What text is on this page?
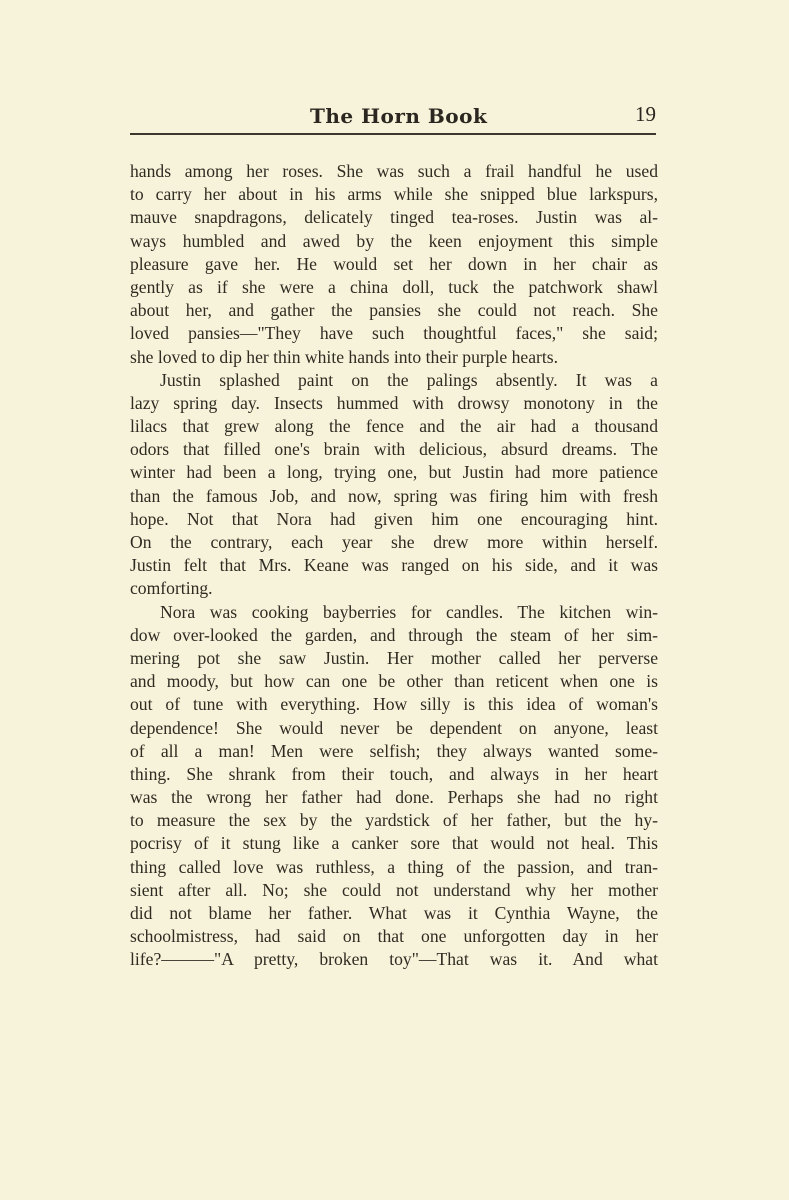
The Horn Book	19
hands among her roses. She was such a frail handful he used
to carry her about in his arms while she snipped blue larkspurs,
mauve snapdragons, delicately tinged tea-roses. Justin was al-
ways humbled and awed by the keen enjoyment this simple
pleasure gave her. He would set her down in her chair as
gently as if she were a china doll, tuck the patchwork shawl
about her, and gather the pansies she could not reach. She
loved pansies—"They have such thoughtful faces," she said;
she loved to dip her thin white hands into their purple hearts.
Justin splashed paint on the palings absently. It was a
lazy spring day. Insects hummed with drowsy monotony in the
lilacs that grew along the fence and the air had a thousand
odors that filled one's brain with delicious, absurd dreams. The
winter had been a long, trying one, but Justin had more patience
than the famous Job, and now, spring was firing him with fresh
hope. Not that Nora had given him one encouraging hint.
On the contrary, each year she drew more within herself.
Justin felt that Mrs. Keane was ranged on his side, and it was
comforting.
Nora was cooking bayberries for candles. The kitchen win-
dow over-looked the garden, and through the steam of her sim-
mering pot she saw Justin. Her mother called her perverse
and moody, but how can one be other than reticent when one is
out of tune with everything. How silly is this idea of woman's
dependence! She would never be dependent on anyone, least
of all a man! Men were selfish; they always wanted some-
thing. She shrank from their touch, and always in her heart
was the wrong her father had done. Perhaps she had no right
to measure the sex by the yardstick of her father, but the hy-
pocrisy of it stung like a canker sore that would not heal. This
thing called love was ruthless, a thing of the passion, and tran-
sient after all. No; she could not understand why her mother
did not blame her father. What was it Cynthia Wayne, the
schoolmistress, had said on that one unforgotten day in her
life?———"A pretty, broken toy"—That was it. And what
